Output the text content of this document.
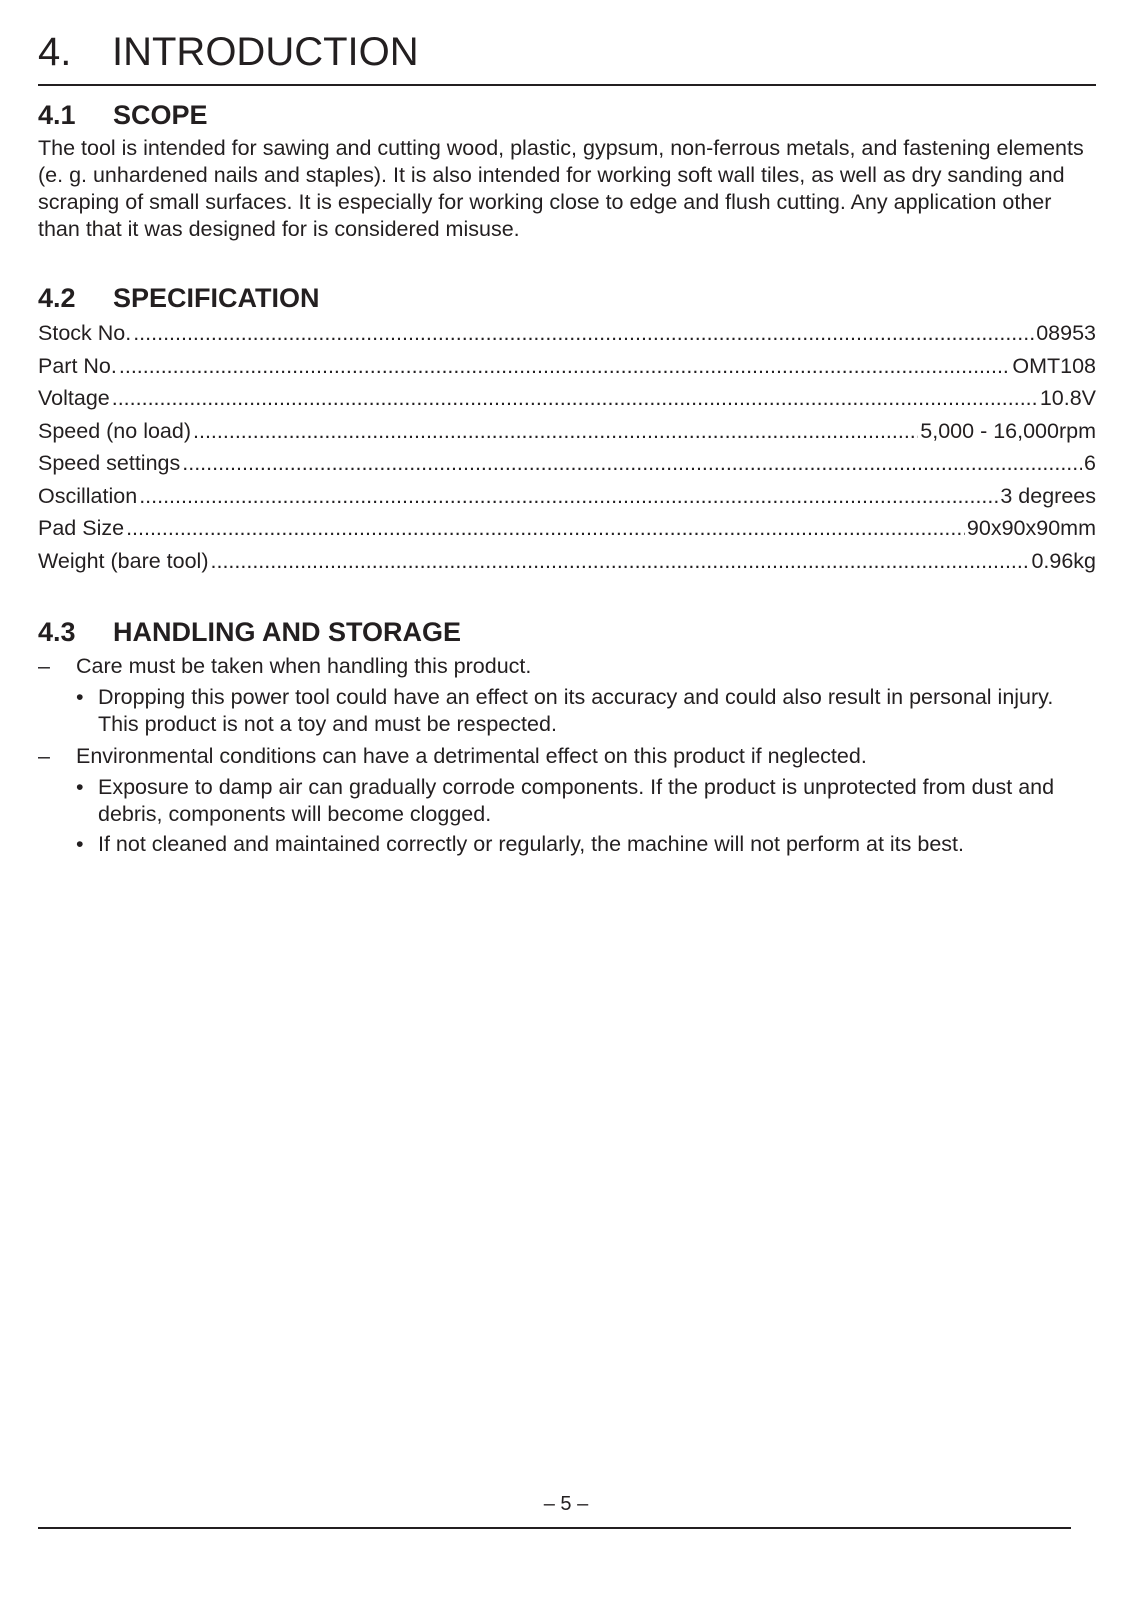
4. INTRODUCTION
4.1 SCOPE

The tool is intended for sawing and cutting wood, plastic, gypsum, non-ferrous metals, and fastening elements (e. g. unhardened nails and staples). It is also intended for working soft wall tiles, as well as dry sanding and scraping of small surfaces. It is especially for working close to edge and flush cutting. Any application other than that it was designed for is considered misuse.

4.2 SPECIFICATION
Stock No. .....	08953
Part No. .....	OMT108
Voltage .....	10.8V
Speed (no load) .....	5,000 - 16,000rpm
Speed settings .....	6
Oscillation .....	3 degrees
Pad Size .....	90x90x90mm
Weight (bare tool) .....	0.96kg
4.3 HANDLING AND STORAGE
–	Care must be taken when handling this product.
• Dropping this power tool could have an effect on its accuracy and could also result in personal injury. This product is not a toy and must be respected.
–	Environmental conditions can have a detrimental effect on this product if neglected.
• Exposure to damp air can gradually corrode components. If the product is unprotected from dust and debris, components will become clogged.
• If not cleaned and maintained correctly or regularly, the machine will not perform at its best.
– 5 –
